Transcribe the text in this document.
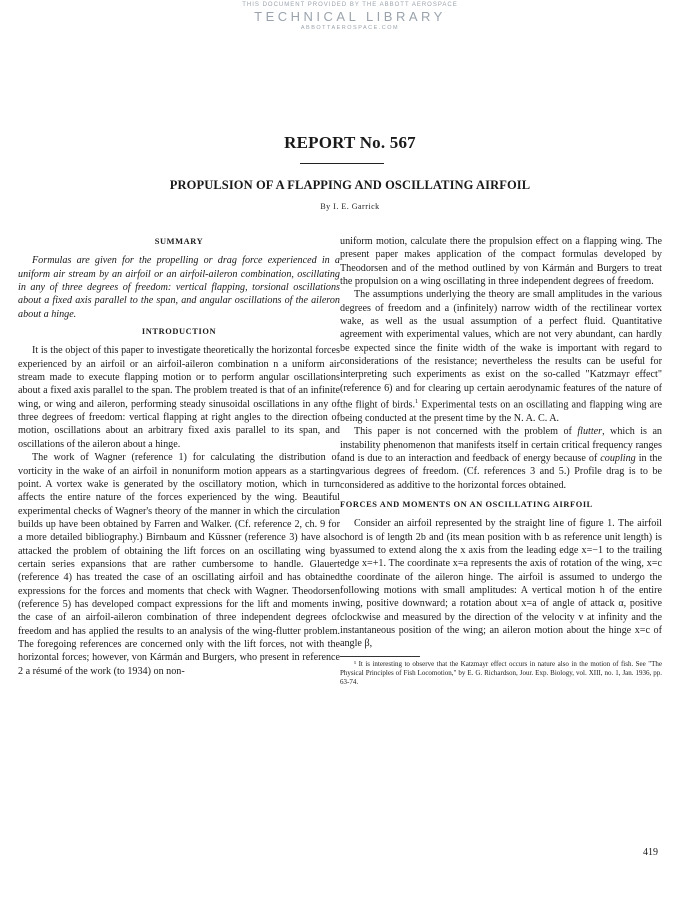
THIS DOCUMENT PROVIDED BY THE ABBOTT AEROSPACE
TECHNICAL LIBRARY
ABBOTTAEROSPACE.COM
REPORT No. 567
PROPULSION OF A FLAPPING AND OSCILLATING AIRFOIL
By I. E. Garrick
SUMMARY

Formulas are given for the propelling or drag force experienced in a uniform air stream by an airfoil or an airfoil-aileron combination, oscillating in any of three degrees of freedom: vertical flapping, torsional oscillations about a fixed axis parallel to the span, and angular oscillations of the aileron about a hinge.

INTRODUCTION

It is the object of this paper to investigate theoretically the horizontal forces experienced by an airfoil or an airfoil-aileron combination n a uniform air stream made to execute flapping motion or to perform angular oscillations about a fixed axis parallel to the span. The problem treated is that of an infinite wing, or wing and aileron, performing steady sinusoidal oscillations in any of three degrees of freedom: vertical flapping at right angles to the direction of motion, oscillations about an arbitrary fixed axis parallel to its span, and oscillations of the aileron about a hinge.

The work of Wagner (reference 1) for calculating the distribution of vorticity in the wake of an airfoil in nonuniform motion appears as a starting point. A vortex wake is generated by the oscillatory motion, which in turn affects the entire nature of the forces experienced by the wing. Beautiful experimental checks of Wagner's theory of the manner in which the circulation builds up have been obtained by Farren and Walker. (Cf. reference 2, ch. 9 for a more detailed bibliography.) Birnbaum and Küssner (reference 3) have also attacked the problem of obtaining the lift forces on an oscillating wing by certain series expansions that are rather cumbersome to handle. Glauert (reference 4) has treated the case of an oscillating airfoil and has obtained expressions for the forces and moments that check with Wagner. Theodorsen (reference 5) has developed compact expressions for the lift and moments in the case of an airfoil-aileron combination of three independent degrees of freedom and has applied the results to an analysis of the wing-flutter problem. The foregoing references are concerned only with the lift forces, not with the horizontal forces; however, von Kármán and Burgers, who present in reference 2 a résumé of the work (to 1934) on non-

uniform motion, calculate there the propulsion effect on a flapping wing. The present paper makes application of the compact formulas developed by Theodorsen and of the method outlined by von Kármán and Burgers to treat the propulsion on a wing oscillating in three independent degrees of freedom.

The assumptions underlying the theory are small amplitudes in the various degrees of freedom and a (infinitely) narrow width of the rectilinear vortex wake, as well as the usual assumption of a perfect fluid. Quantitative agreement with experimental values, which are not very abundant, can hardly be expected since the finite width of the wake is important with regard to considerations of the resistance; nevertheless the results can be useful for interpreting such experiments as exist on the so-called "Katzmayr effect" (reference 6) and for clearing up certain aerodynamic features of the nature of the flight of birds.$^1$ Experimental tests on an oscillating and flapping wing are being conducted at the present time by the N. A. C. A.

This paper is not concerned with the problem of flutter, which is an instability phenomenon that manifests itself in certain critical frequency ranges and is due to an interaction and feedback of energy because of coupling in the various degrees of freedom. (Cf. references 3 and 5.) Profile drag is to be considered as additive to the horizontal forces obtained.

FORCES AND MOMENTS ON AN OSCILLATING AIRFOIL

Consider an airfoil represented by the straight line of figure 1. The airfoil chord is of length 2b and (its mean position with b as reference unit length) is assumed to extend along the x axis from the leading edge x=−1 to the trailing edge x=+1. The coordinate x=a represents the axis of rotation of the wing, x=c the coordinate of the aileron hinge. The airfoil is assumed to undergo the following motions with small amplitudes: A vertical motion h of the entire wing, positive downward; a rotation about x=a of angle of attack α, positive clockwise and measured by the direction of the velocity v at infinity and the instantaneous position of the wing; an aileron motion about the hinge x=c of angle β,

¹ It is interesting to observe that the Katzmayr effect occurs in nature also in the motion of fish. See "The Physical Principles of Fish Locomotion," by E. G. Richardson, Jour. Exp. Biology, vol. XIII, no. 1, Jan. 1936, pp. 63-74.

419
